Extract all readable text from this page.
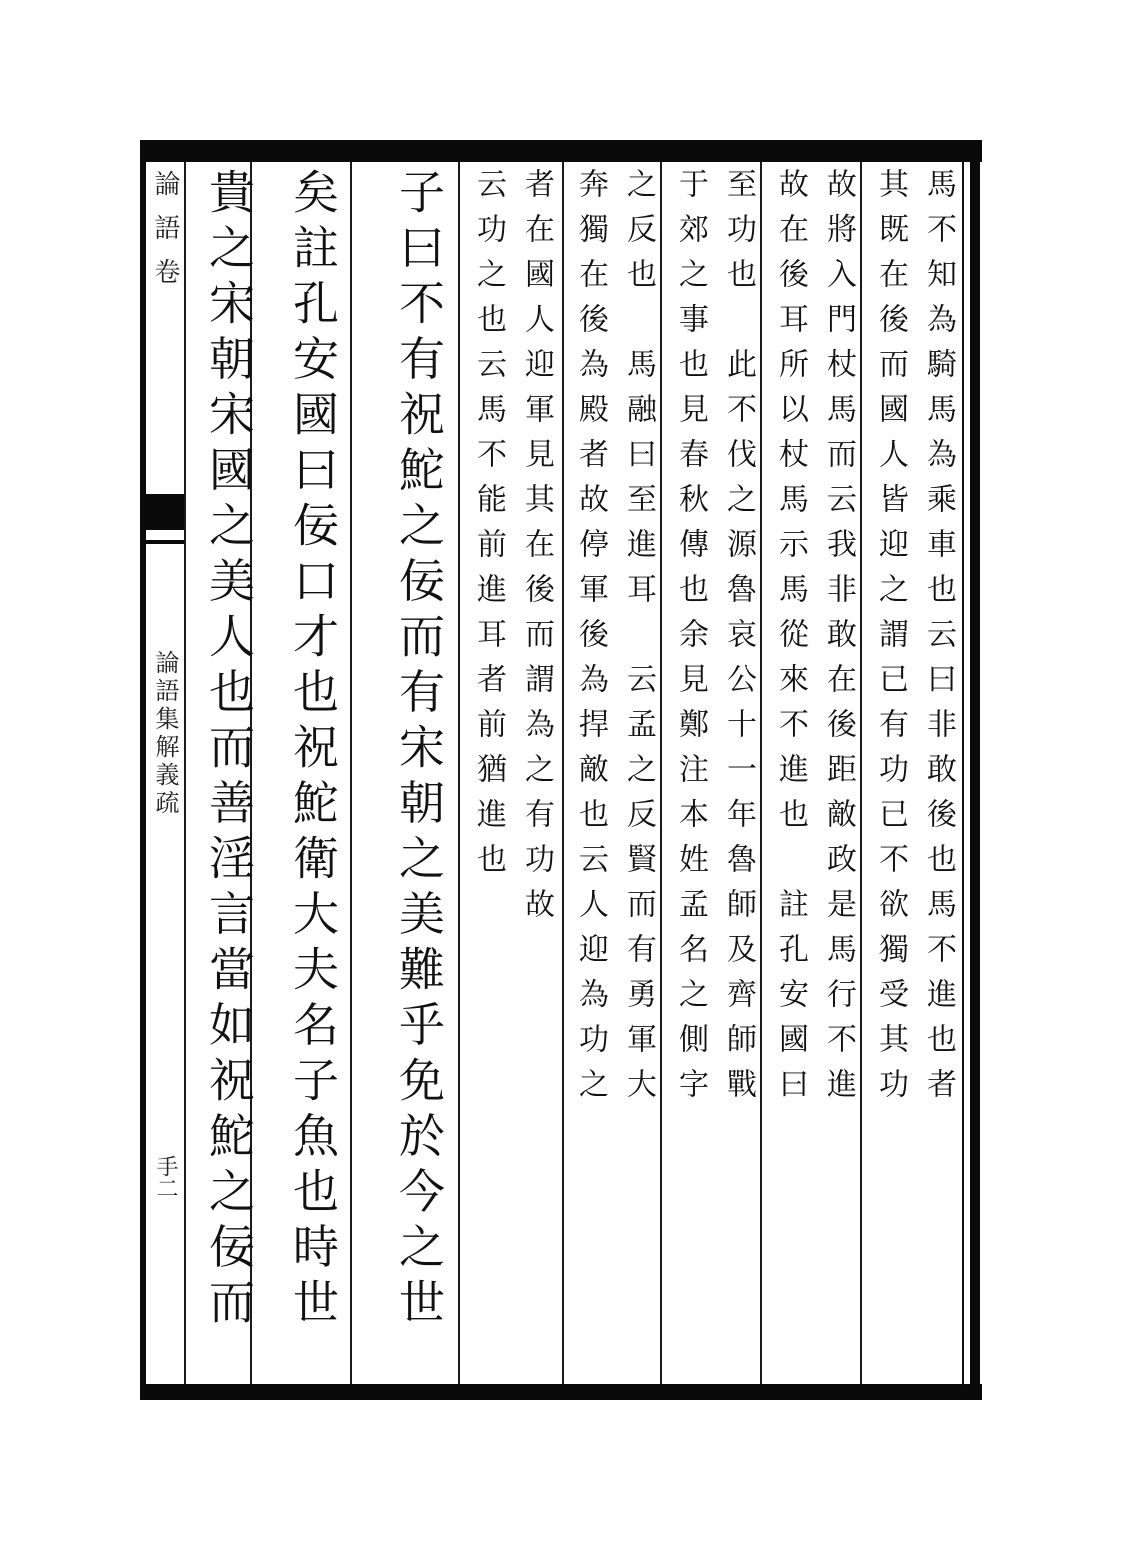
論語卷
論語集解義疏
手二
馬不知為騎馬為乘車也云曰非敢後也馬不進也者
其既在後而國人皆迎之謂已有功已不欲獨受其功
故將入門杖馬而云我非敢在後距敵政是馬行不進
故在後耳所以杖馬示馬從來不進也　註孔安國曰
至功也　此不伐之源魯哀公十一年魯師及齊師戰
于郊之事也見春秋傳也余見鄭注本姓孟名之側字
之反也　馬融曰至進耳　云孟之反賢而有勇軍大
奔獨在後為殿者故停軍後為捍敵也云人迎為功之
者在國人迎軍見其在後而謂為之有功故
云功之也云馬不能前進耳者前猶進也
子曰不有祝鮀之佞而有宋朝之美難乎免於今之世
矣註孔安國曰佞口才也祝鮀衛大夫名子魚也時世
貴之宋朝宋國之美人也而善淫言當如祝鮀之佞而
